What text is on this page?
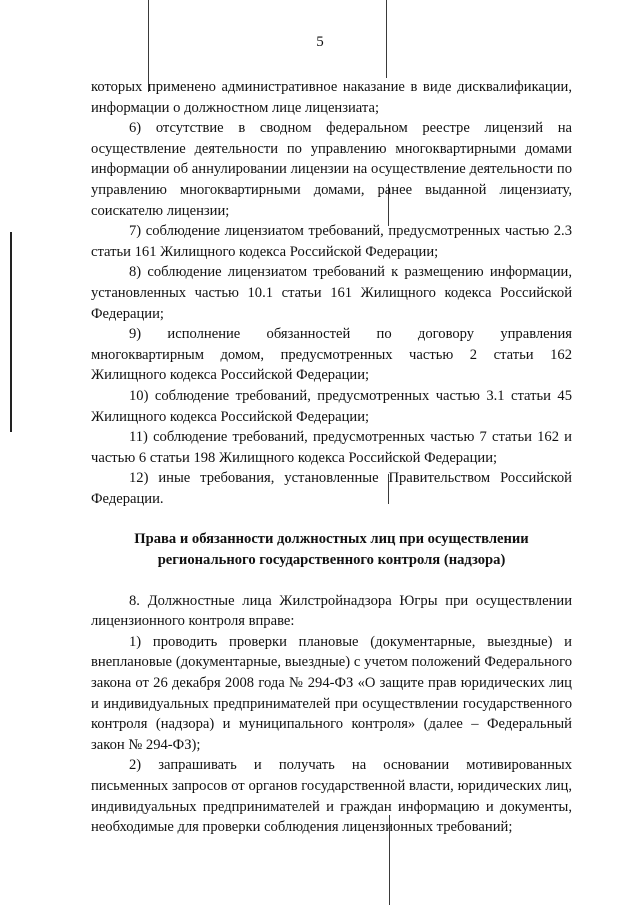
5

которых применено административное наказание в виде дисквалификации, информации о должностном лице лицензиата;

6) отсутствие в сводном федеральном реестре лицензий на осуществление деятельности по управлению многоквартирными домами информации об аннулировании лицензии на осуществление деятельности по управлению многоквартирными домами, ранее выданной лицензиату, соискателю лицензии;

7) соблюдение лицензиатом требований, предусмотренных частью 2.3 статьи 161 Жилищного кодекса Российской Федерации;

8) соблюдение лицензиатом требований к размещению информации, установленных частью 10.1 статьи 161 Жилищного кодекса Российской Федерации;

9) исполнение обязанностей по договору управления многоквартирным домом, предусмотренных частью 2 статьи 162 Жилищного кодекса Российской Федерации;

10) соблюдение требований, предусмотренных частью 3.1 статьи 45 Жилищного кодекса Российской Федерации;

11) соблюдение требований, предусмотренных частью 7 статьи 162 и частью 6 статьи 198 Жилищного кодекса Российской Федерации;

12) иные требования, установленные Правительством Российской Федерации.

Права и обязанности должностных лиц при осуществлении регионального государственного контроля (надзора)

8. Должностные лица Жилстройнадзора Югры при осуществлении лицензионного контроля вправе:

1) проводить проверки плановые (документарные, выездные) и внеплановые (документарные, выездные) с учетом положений Федерального закона от 26 декабря 2008 года № 294-ФЗ «О защите прав юридических лиц и индивидуальных предпринимателей при осуществлении государственного контроля (надзора) и муниципального контроля» (далее – Федеральный закон № 294-ФЗ);

2) запрашивать и получать на основании мотивированных письменных запросов от органов государственной власти, юридических лиц, индивидуальных предпринимателей и граждан информацию и документы, необходимые для проверки соблюдения лицензионных требований;
